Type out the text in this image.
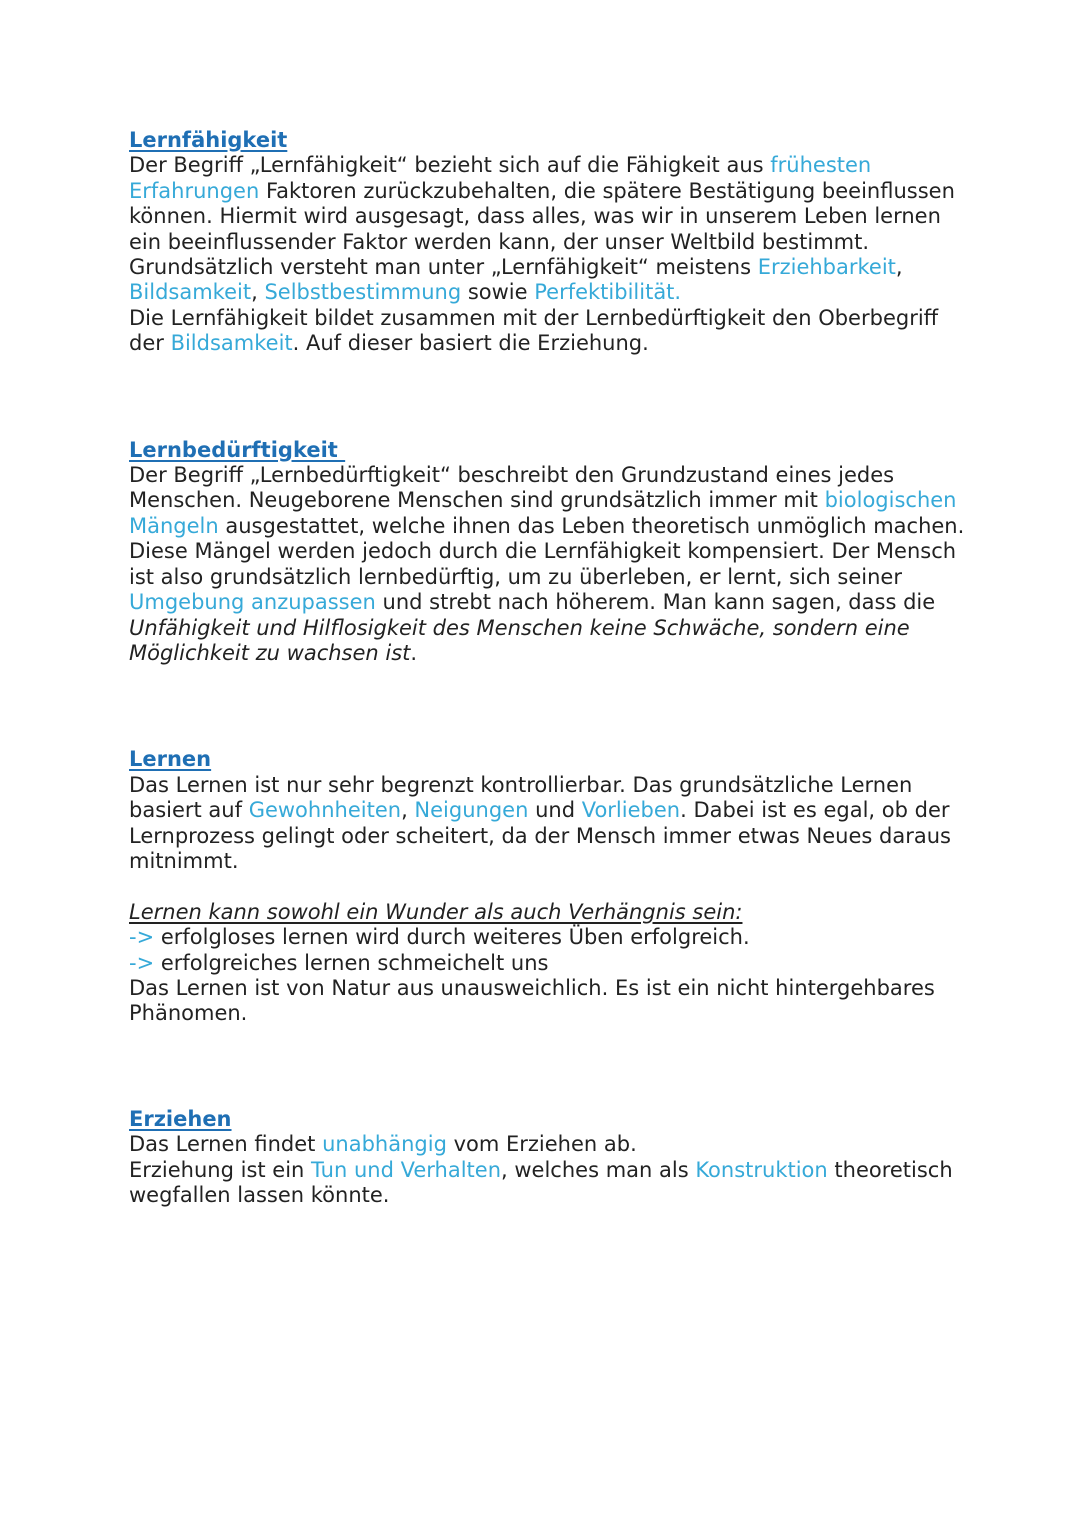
Lernfähigkeit

Der Begriff „Lernfähigkeit“ bezieht sich auf die Fähigkeit aus frühesten Erfahrungen Faktoren zurückzubehalten, die spätere Bestätigung beeinflussen können. Hiermit wird ausgesagt, dass alles, was wir in unserem Leben lernen ein beeinflussender Faktor werden kann, der unser Weltbild bestimmt.

Grundsätzlich versteht man unter „Lernfähigkeit“ meistens Erziehbarkeit, Bildsamkeit, Selbstbestimmung sowie Perfektibilität.

Die Lernfähigkeit bildet zusammen mit der Lernbedürftigkeit den Oberbegriff der Bildsamkeit. Auf dieser basiert die Erziehung.

Lernbedürftigkeit

Der Begriff „Lernbedürftigkeit“ beschreibt den Grundzustand eines jedes Menschen. Neugeborene Menschen sind grundsätzlich immer mit biologischen Mängeln ausgestattet, welche ihnen das Leben theoretisch unmöglich machen. Diese Mängel werden jedoch durch die Lernfähigkeit kompensiert. Der Mensch ist also grundsätzlich lernbedürftig, um zu überleben, er lernt, sich seiner Umgebung anzupassen und strebt nach höherem. Man kann sagen, dass die Unfähigkeit und Hilflosigkeit des Menschen keine Schwäche, sondern eine Möglichkeit zu wachsen ist.

Lernen

Das Lernen ist nur sehr begrenzt kontrollierbar. Das grundsätzliche Lernen basiert auf Gewohnheiten, Neigungen und Vorlieben. Dabei ist es egal, ob der Lernprozess gelingt oder scheitert, da der Mensch immer etwas Neues daraus mitnimmt.

Lernen kann sowohl ein Wunder als auch Verhängnis sein:

-> erfolgloses lernen wird durch weiteres Üben erfolgreich.

-> erfolgreiches lernen schmeichelt uns

Das Lernen ist von Natur aus unausweichlich. Es ist ein nicht hintergehbares Phänomen.

Erziehen

Das Lernen findet unabhängig vom Erziehen ab.

Erziehung ist ein Tun und Verhalten, welches man als Konstruktion theoretisch wegfallen lassen könnte.
